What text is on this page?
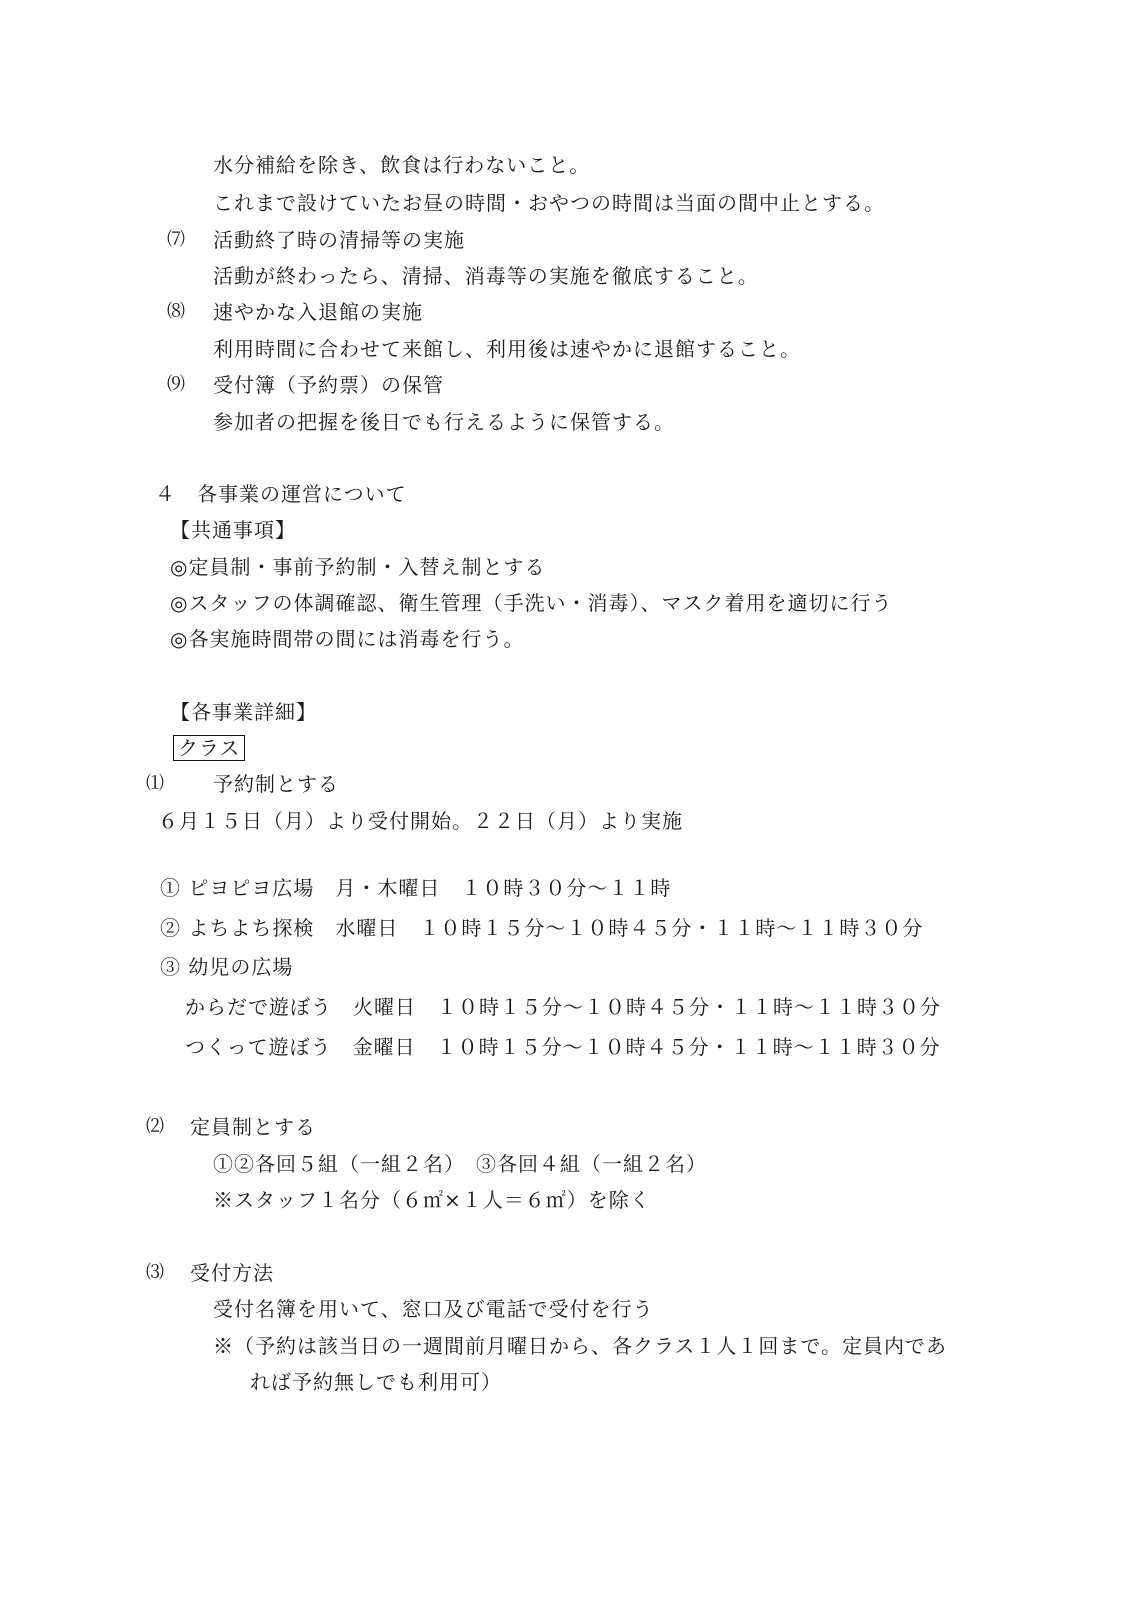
水分補給を除き、飲食は行わないこと。
これまで設けていたお昼の時間・おやつの時間は当面の間中止とする。
⑺ 活動終了時の清掃等の実施
活動が終わったら、清掃、消毒等の実施を徹底すること。
⑻ 速やかな入退館の実施
利用時間に合わせて来館し、利用後は速やかに退館すること。
⑼ 受付簿（予約票）の保管
参加者の把握を後日でも行えるように保管する。
４　各事業の運営について
【共通事項】
◎定員制・事前予約制・入替え制とする
◎スタッフの体調確認、衛生管理（手洗い・消毒）、マスク着用を適切に行う
◎各実施時間帯の間には消毒を行う。
【各事業詳細】
クラス
⑴ 予約制とする
６月１５日（月）より受付開始。２２日（月）より実施
① ピヨピヨ広場　月・木曜日　１０時３０分～１１時
② よちよち探検　水曜日　１０時１５分～１０時４５分・１１時～１１時３０分
③ 幼児の広場
からだで遊ぼう　火曜日　１０時１５分～１０時４５分・１１時～１１時３０分
つくって遊ぼう　金曜日　１０時１５分～１０時４５分・１１時～１１時３０分
⑵ 定員制とする
①②各回５組（一組２名）　③各回４組（一組２名）
※スタッフ１名分（６㎡×１人＝６㎡）を除く
⑶ 受付方法
受付名簿を用いて、窓口及び電話で受付を行う
※（予約は該当日の一週間前月曜日から、各クラス１人１回まで。定員内であ
れば予約無しでも利用可）
